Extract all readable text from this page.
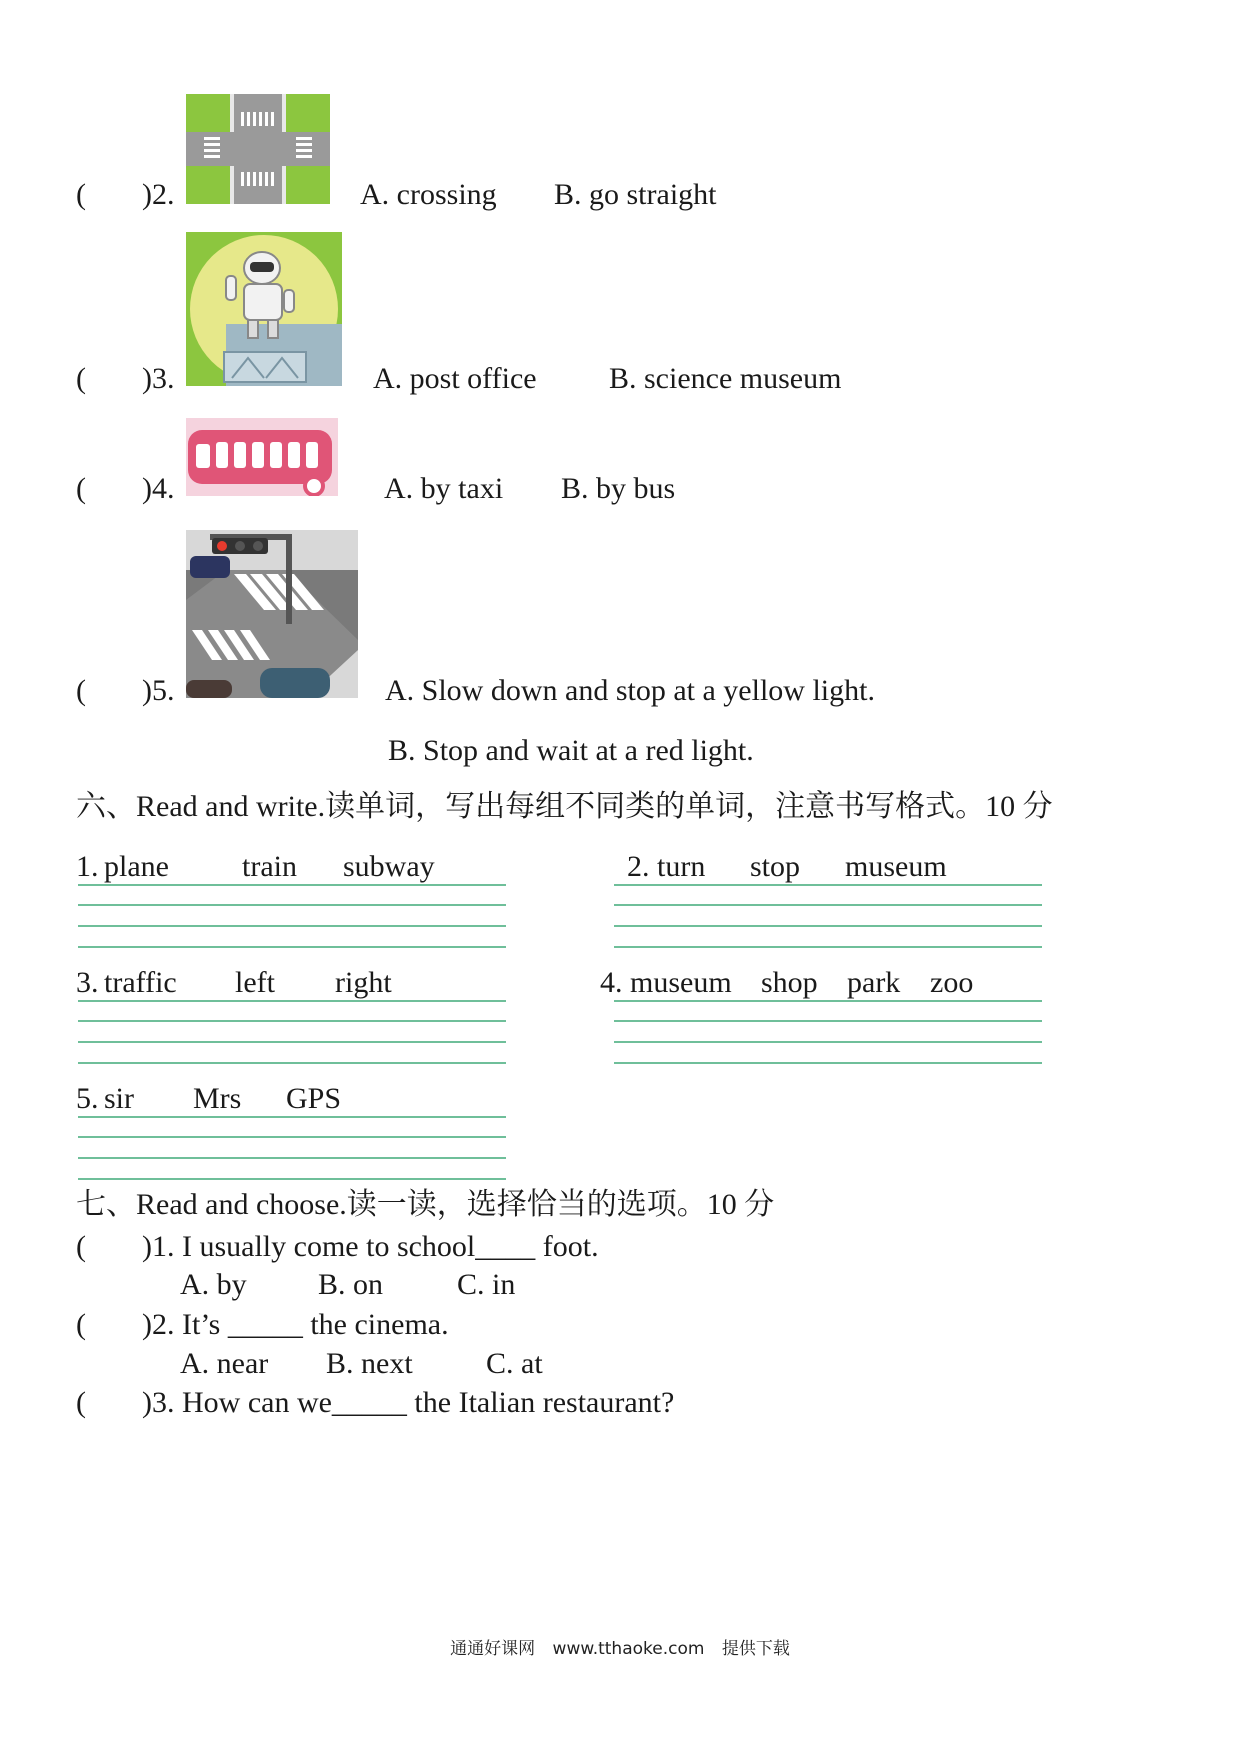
( )2.	A. crossing B. go straight
( )3.	A. post office B. science museum
( )4.	A. by taxi B. by bus
( )5.	A. Slow down and stop at a yellow light.
B. Stop and wait at a red light.
六、Read and write.读单词，写出每组不同类的单词，注意书写格式。10 分
1. plane train subway	2. turn stop museum
3. traffic left right	4. museum shop park zoo
5. sir Mrs GPS
七、Read and choose.读一读，选择恰当的选项。10 分
( )1. I usually come to school____ foot.
A. by B. on C. in
( )2. It’s _____ the cinema.
A. near B. next C. at
( )3. How can we_____ the Italian restaurant?
通通好课网 www.tthaoke.com 提供下载
